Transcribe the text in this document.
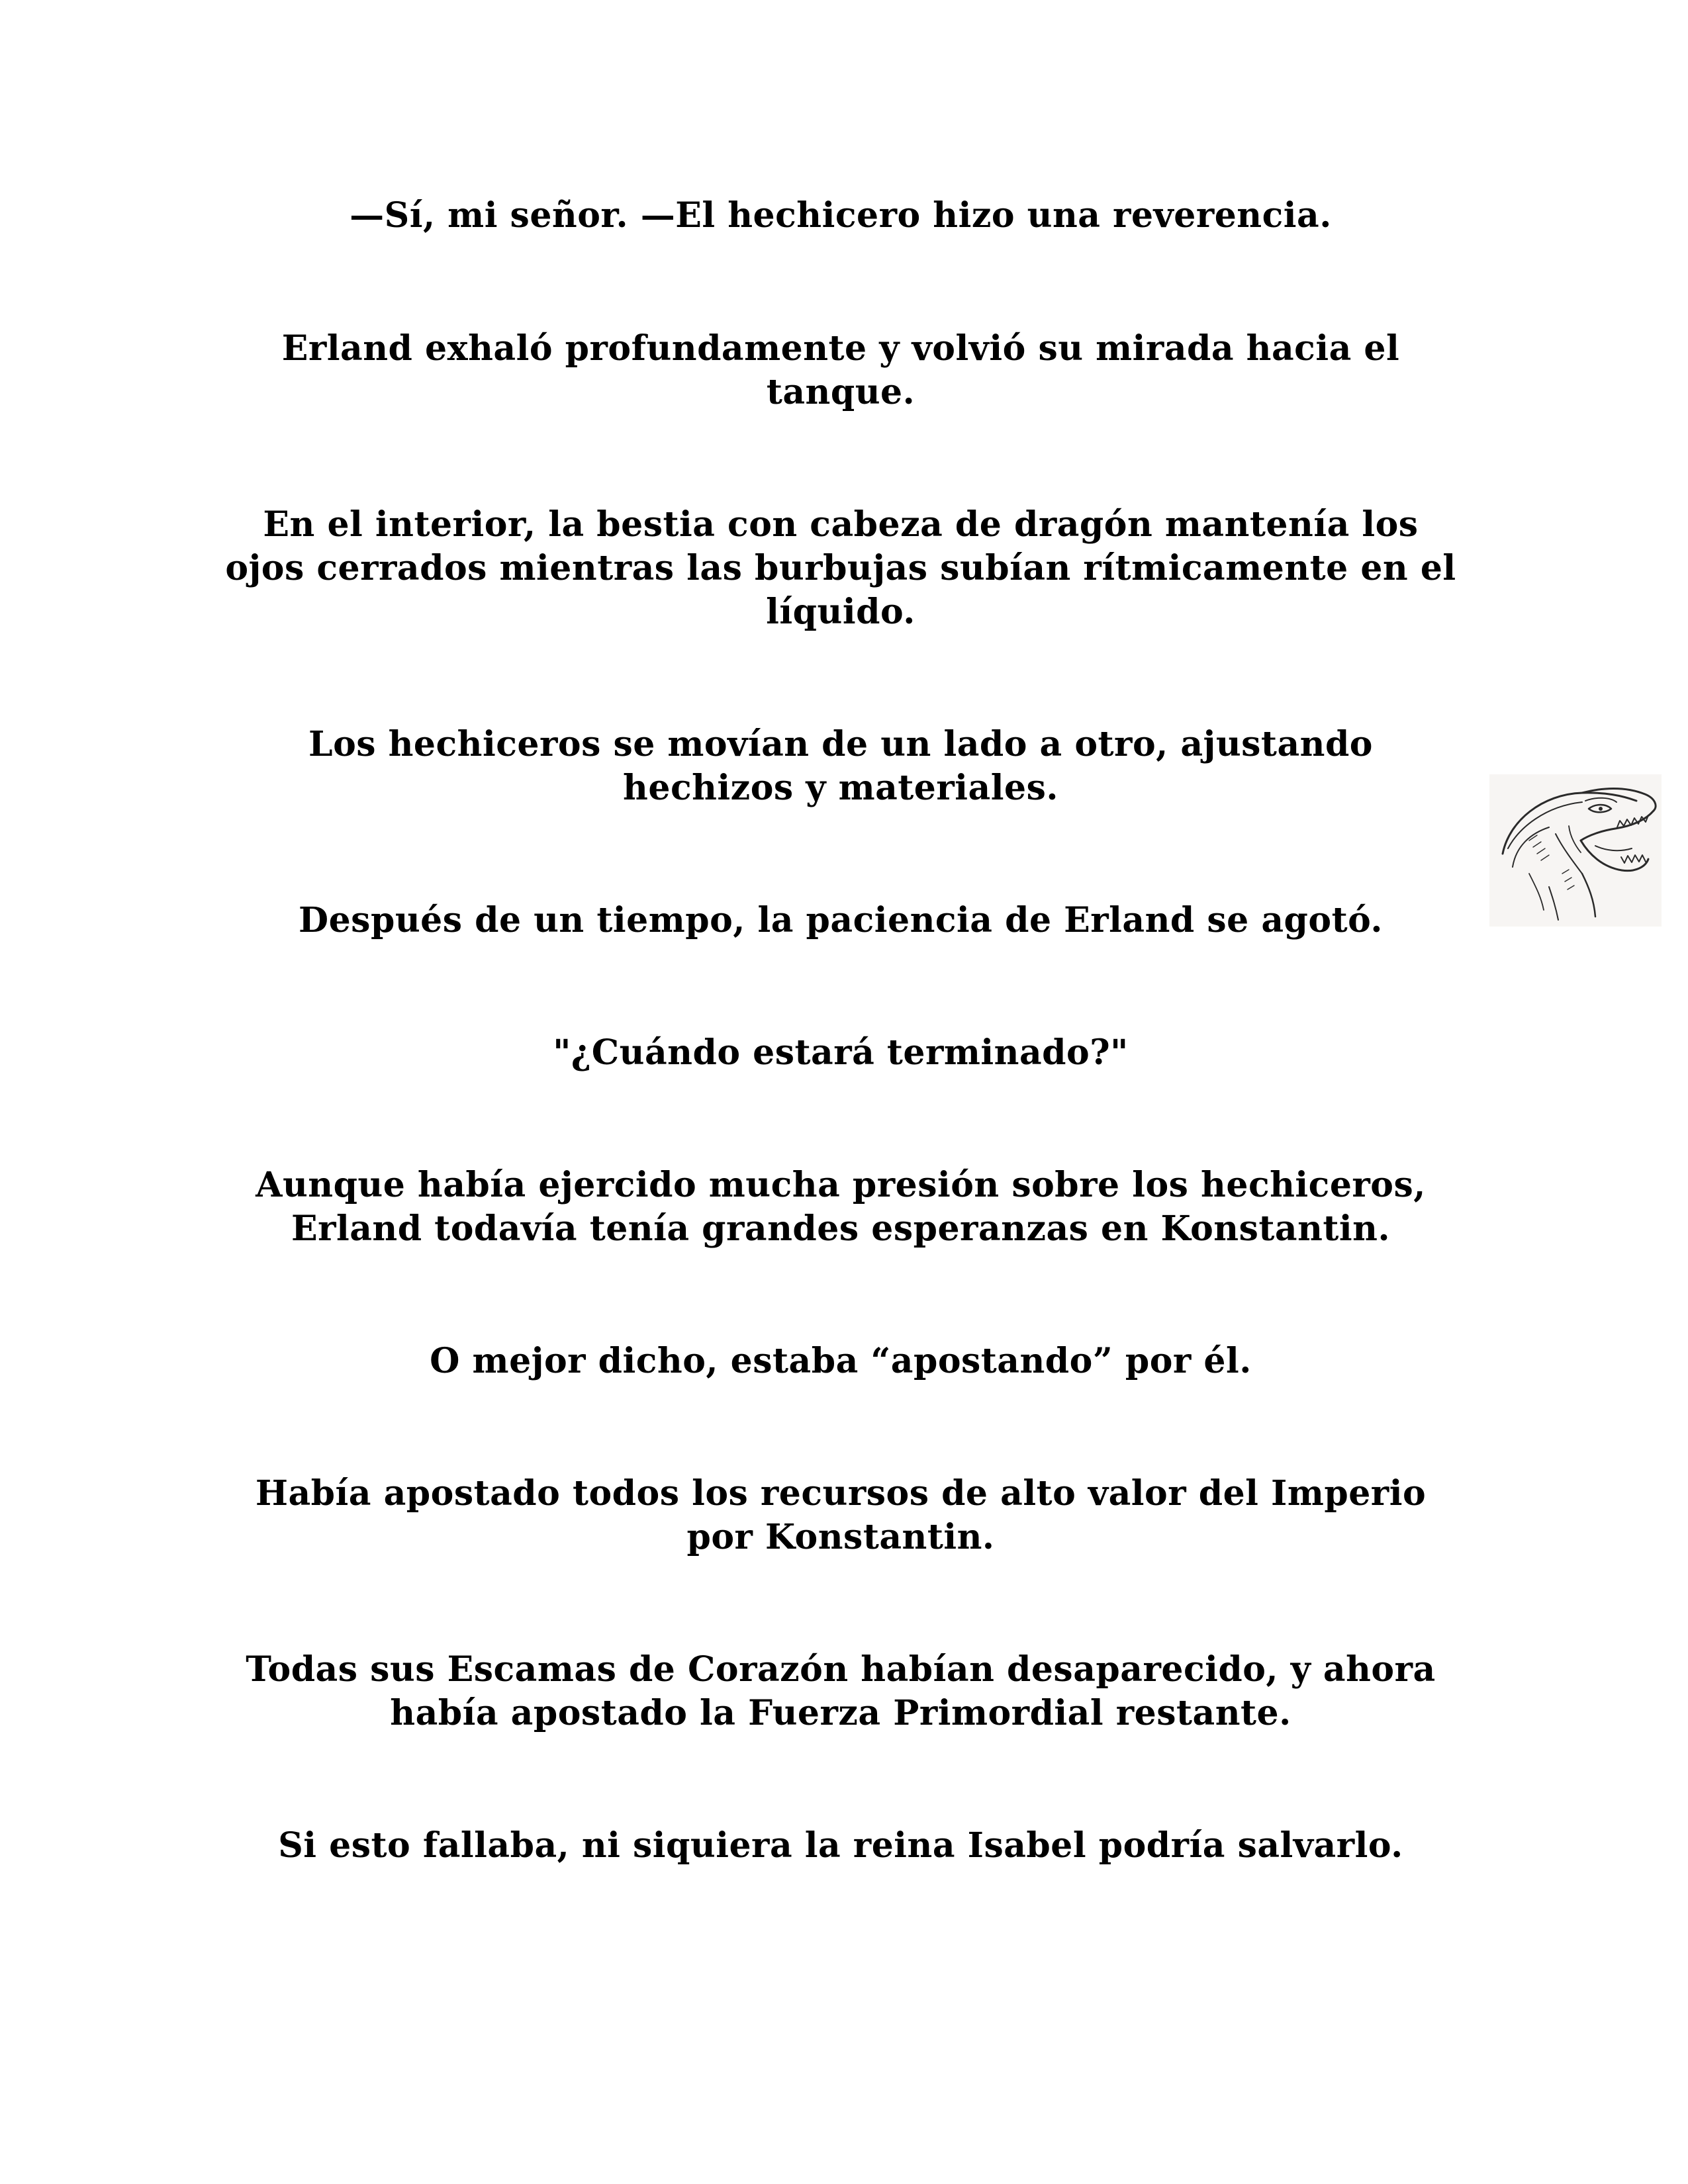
—Sí, mi señor. —El hechicero hizo una reverencia.

Erland exhaló profundamente y volvió su mirada hacia el tanque.

En el interior, la bestia con cabeza de dragón mantenía los ojos cerrados mientras las burbujas subían rítmicamente en el líquido.

Los hechiceros se movían de un lado a otro, ajustando hechizos y materiales.

Después de un tiempo, la paciencia de Erland se agotó.

"¿Cuándo estará terminado?"

Aunque había ejercido mucha presión sobre los hechiceros, Erland todavía tenía grandes esperanzas en Konstantin.

O mejor dicho, estaba “apostando” por él.

Había apostado todos los recursos de alto valor del Imperio por Konstantin.

Todas sus Escamas de Corazón habían desaparecido, y ahora había apostado la Fuerza Primordial restante.

Si esto fallaba, ni siquiera la reina Isabel podría salvarlo.
